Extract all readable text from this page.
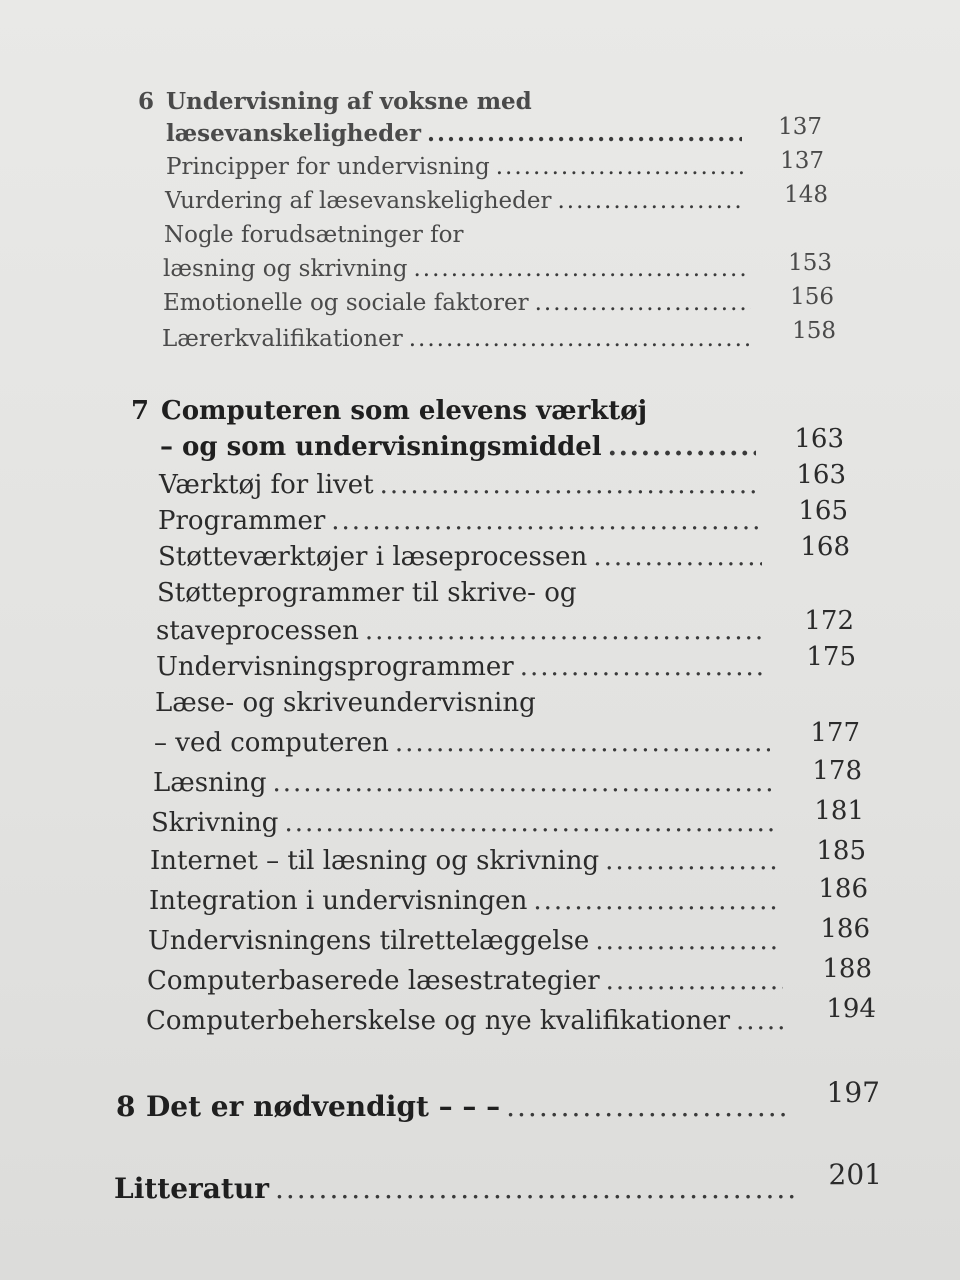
6 Undervisning af voksne med
læsevanskeligheder .....	137
Principper for undervisning .....	137
Vurdering af læsevanskeligheder .....	148
Nogle forudsætninger for
læsning og skrivning .....	153
Emotionelle og sociale faktorer .....	156
Lærerkvalifikationer .....	158
7 Computeren som elevens værktøj
– og som undervisningsmiddel .....	163
Værktøj for livet .....	163
Programmer .....	165
Støtteværktøjer i læseprocessen .....	168
Støtteprogrammer til skrive- og
staveprocessen .....	172
Undervisningsprogrammer .....	175
Læse- og skriveundervisning
– ved computeren .....	177
Læsning .....	178
Skrivning .....	181
Internet – til læsning og skrivning .....	185
Integration i undervisningen .....	186
Undervisningens tilrettelæggelse .....	186
Computerbaserede læsestrategier .....	188
Computerbeherskelse og nye kvalifikationer .....	194
8 Det er nødvendigt – – – .....	197
Litteratur .....	201
